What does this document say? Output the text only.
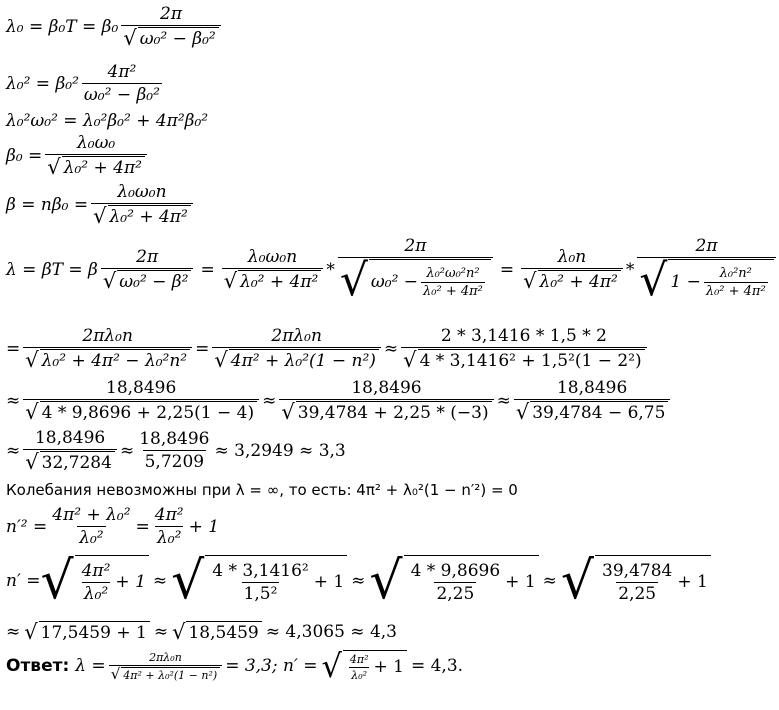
$\lambda_0 = \beta_0T = \beta_0 \frac{2\pi}{\text{√ ω₀² − β₀²}}$
$\lambda_0^2 = \beta_0^2 \frac{\text{4π²}}{\text{ω₀² − β₀²}}$
λ₀²ω₀² = λ₀²β₀² + 4π²β₀²
$\beta_0 = \frac{\text{λ₀ω₀}}{\text{√ λ₀² + 4π²}}$
$\beta = n\beta_0 = \frac{\text{λ₀ω₀n}}{\text{√ λ₀² + 4π²}}$
λ = βT = β $\frac{2\pi}{\text{√ ω₀² − β²}} = \frac{\text{λ₀ω₀n}}{\text{√ λ₀² + 4π²}} * \frac{2\pi}{√ \omega_0^2 - \frac{\text{λ₀²ω₀²n²}}{\text{λ₀² + 4π²}}} = \frac{\text{λ₀n}}{\text{√ λ₀² + 4π²}} * \frac{2\pi}{√ 1 - \frac{\text{λ₀²n²}}{\text{λ₀² + 4π²}}}$
= $\frac{\text{2πλ₀n}}{\text{√ λ₀² + 4π² − λ₀²n²}} = \frac{\text{2πλ₀n}}{\text{√ 4π² + λ₀²(1 − n²)}} \approx \frac{2 * 3,1416 * 1,5 * 2}{\text{√ 4 * 3,1416² + 1,5²(1 − 2²)}}$
≈ $\frac{18,8496}{√ 4 * 9,8696 + 2,25(1 - 4)} \approx \frac{18,8496}{√ 39,4784 + 2,25 * (-3)} \approx \frac{18,8496}{√ 39,4784 - 6,75}$
≈ $\frac{18,8496}{√ 32,7284} \approx \frac{18,8496}{5,7209} \approx 3,2949 \approx 3,3$
Колебания невозможны при λ = ∞, то есть: 4π² + λ₀²(1 − n′²) = 0
$n'^2 = \frac{\text{4π² + λ₀²}}{\text{λ₀²}} = \frac{\text{4π²}}{\text{λ₀²}} + 1$
n′ = √ $\frac{\text{4π²}}{\text{λ₀²}} + 1$ ≈ √ $\frac{\text{4 * 3,1416²}}{\text{1,5²}} + 1$ ≈ √ $\frac{4 * 9,8696}{2,25} + 1$ ≈ √ $\frac{39,4784}{2,25} + 1$
≈ √ 17,5459 + 1 ≈ √ 18,5459 ≈ 4,3065 ≈ 4,3
Ответ: $\lambda = \frac{\text{2πλ₀n}}{\text{√ 4π² + λ₀²(1 − n²)}} = 3,3$; n′ = √ $\frac{\text{4π²}}{\text{λ₀²}} + 1 = 4,3$.
